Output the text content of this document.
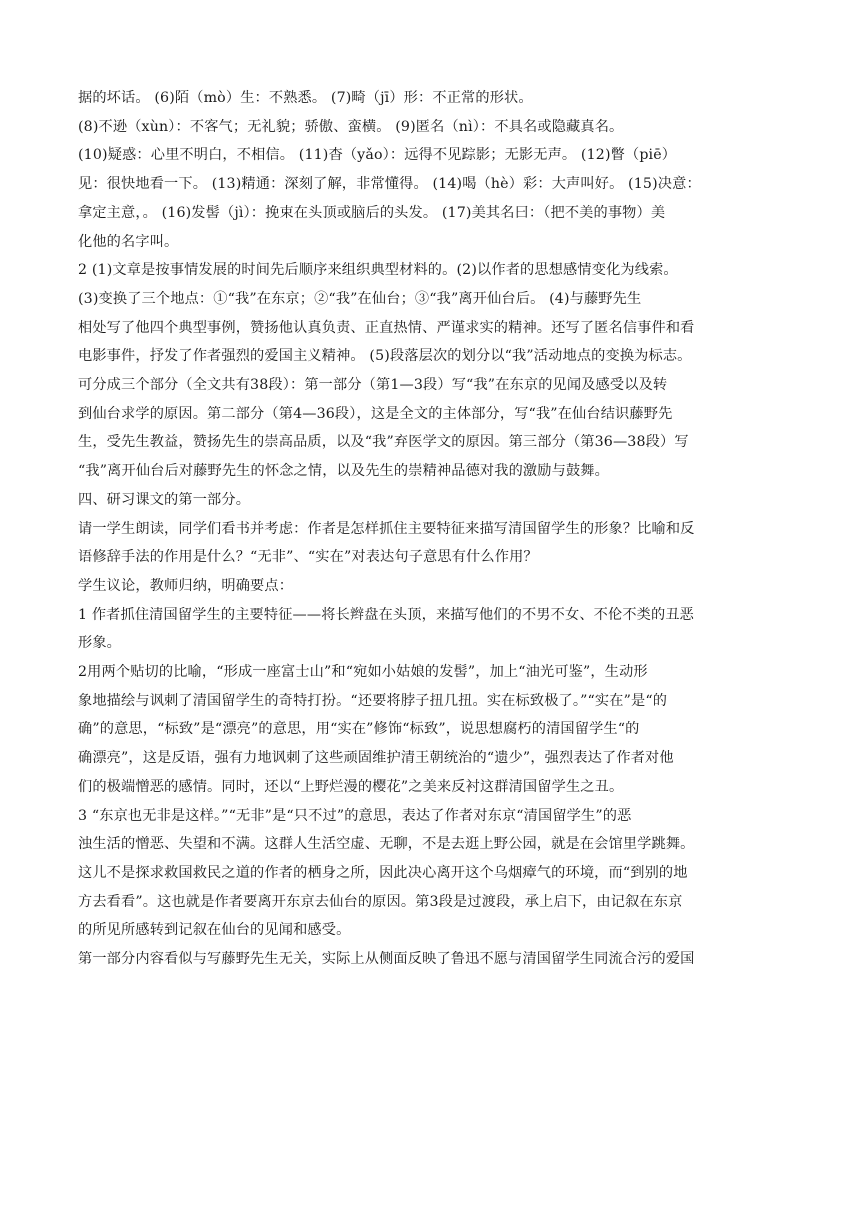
据的坏话。 (6)陌（mò）生：不熟悉。 (7)畸（jī）形：不正常的形状。

(8)不逊（xùn）：不客气；无礼貌；骄傲、蛮横。 (9)匿名（nì）：不具名或隐藏真名。

(10)疑惑：心里不明白，不相信。 (11)杳（yǎo）：远得不见踪影；无影无声。 (12)瞥（piē）
见：很快地看一下。 (13)精通：深刻了解，非常懂得。 (14)喝（hè）彩：大声叫好。 (15)决意：
拿定主意，。 (16)发髻（jì）：挽束在头顶或脑后的头发。 (17)美其名曰：（把不美的事物）美
化他的名字叫。

2 (1)文章是按事情发展的时间先后顺序来组织典型材料的。(2)以作者的思想感情变化为线索。

(3)变换了三个地点：①“我”在东京；②“我”在仙台；③“我”离开仙台后。 (4)与藤野先生
相处写了他四个典型事例，赞扬他认真负责、正直热情、严谨求实的精神。还写了匿名信事件和看
电影事件，抒发了作者强烈的爱国主义精神。 (5)段落层次的划分以“我”活动地点的变换为标志。
可分成三个部分（全文共有38段）：第一部分（第1—3段）写“我”在东京的见闻及感受以及转
到仙台求学的原因。第二部分（第4—36段），这是全文的主体部分，写“我”在仙台结识藤野先
生，受先生教益，赞扬先生的崇高品质，以及“我”弃医学文的原因。第三部分（第36—38段）写
“我”离开仙台后对藤野先生的怀念之情，以及先生的崇精神品德对我的激励与鼓舞。

四、研习课文的第一部分。

请一学生朗读，同学们看书并考虑：作者是怎样抓住主要特征来描写清国留学生的形象？比喻和反
语修辞手法的作用是什么？“无非”、“实在”对表达句子意思有什么作用？

学生议论，教师归纳，明确要点：

1 作者抓住清国留学生的主要特征——将长辫盘在头顶，来描写他们的不男不女、不伦不类的丑恶
形象。

2用两个贴切的比喻，“形成一座富士山”和“宛如小姑娘的发髻”，加上“油光可鉴”，生动形
象地描绘与讽刺了清国留学生的奇特打扮。“还要将脖子扭几扭。实在标致极了。”“实在”是“的
确”的意思，“标致”是“漂亮”的意思，用“实在”修饰“标致”，说思想腐朽的清国留学生“的
确漂亮”，这是反语，强有力地讽刺了这些顽固维护清王朝统治的“遗少”，强烈表达了作者对他
们的极端憎恶的感情。同时，还以“上野烂漫的樱花”之美来反衬这群清国留学生之丑。

3 “东京也无非是这样。”“无非”是“只不过”的意思，表达了作者对东京“清国留学生”的恶
浊生活的憎恶、失望和不满。这群人生活空虚、无聊，不是去逛上野公园，就是在会馆里学跳舞。
这儿不是探求救国救民之道的作者的栖身之所，因此决心离开这个乌烟瘴气的环境，而“到别的地
方去看看”。这也就是作者要离开东京去仙台的原因。第3段是过渡段，承上启下，由记叙在东京
的所见所感转到记叙在仙台的见闻和感受。

第一部分内容看似与写藤野先生无关，实际上从侧面反映了鲁迅不愿与清国留学生同流合污的爱国
